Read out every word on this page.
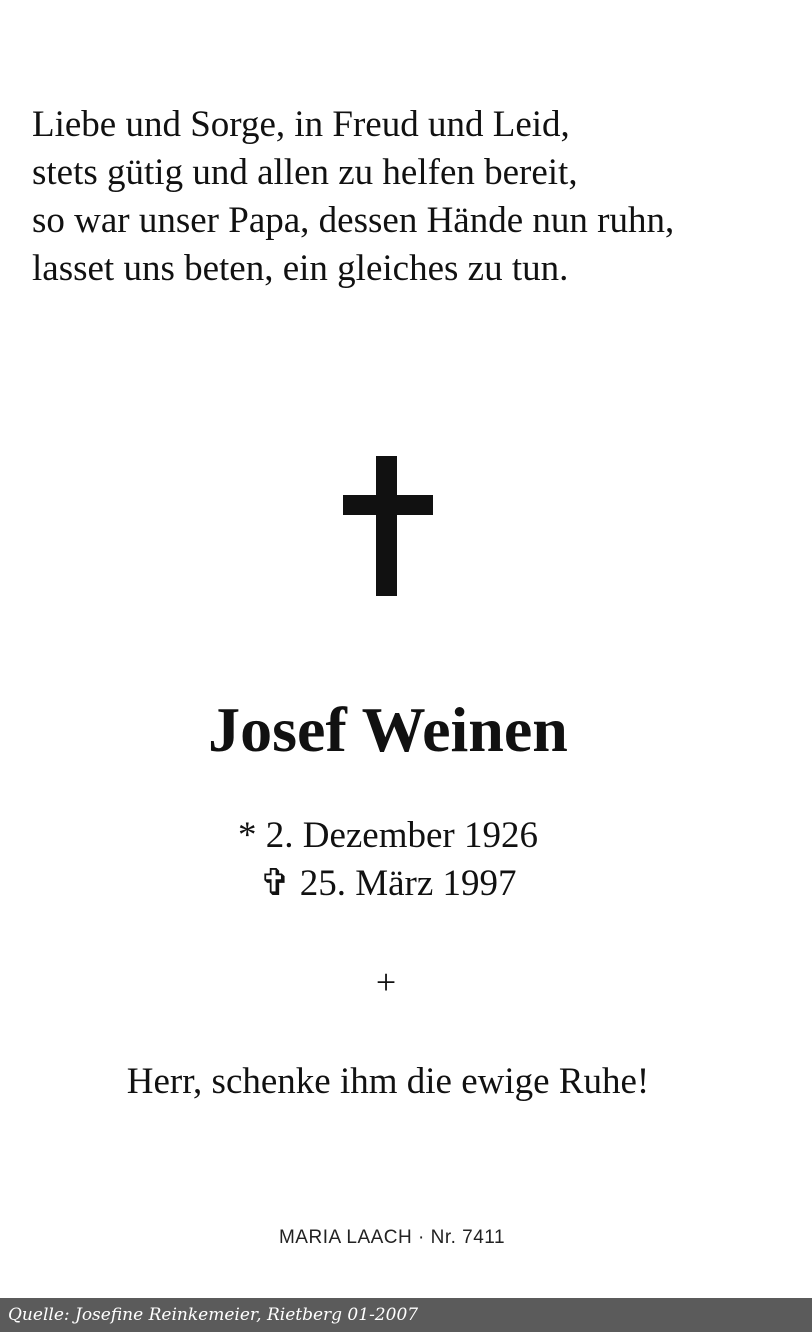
Liebe und Sorge, in Freud und Leid,
stets gütig und allen zu helfen bereit,
so war unser Papa, dessen Hände nun ruhn,
lasset uns beten, ein gleiches zu tun.
Josef Weinen
* 2. Dezember 1926
✞ 25. März 1997
+
Herr, schenke ihm die ewige Ruhe!
MARIA LAACH · Nr. 7411
Quelle: Josefine Reinkemeier, Rietberg 01-2007
